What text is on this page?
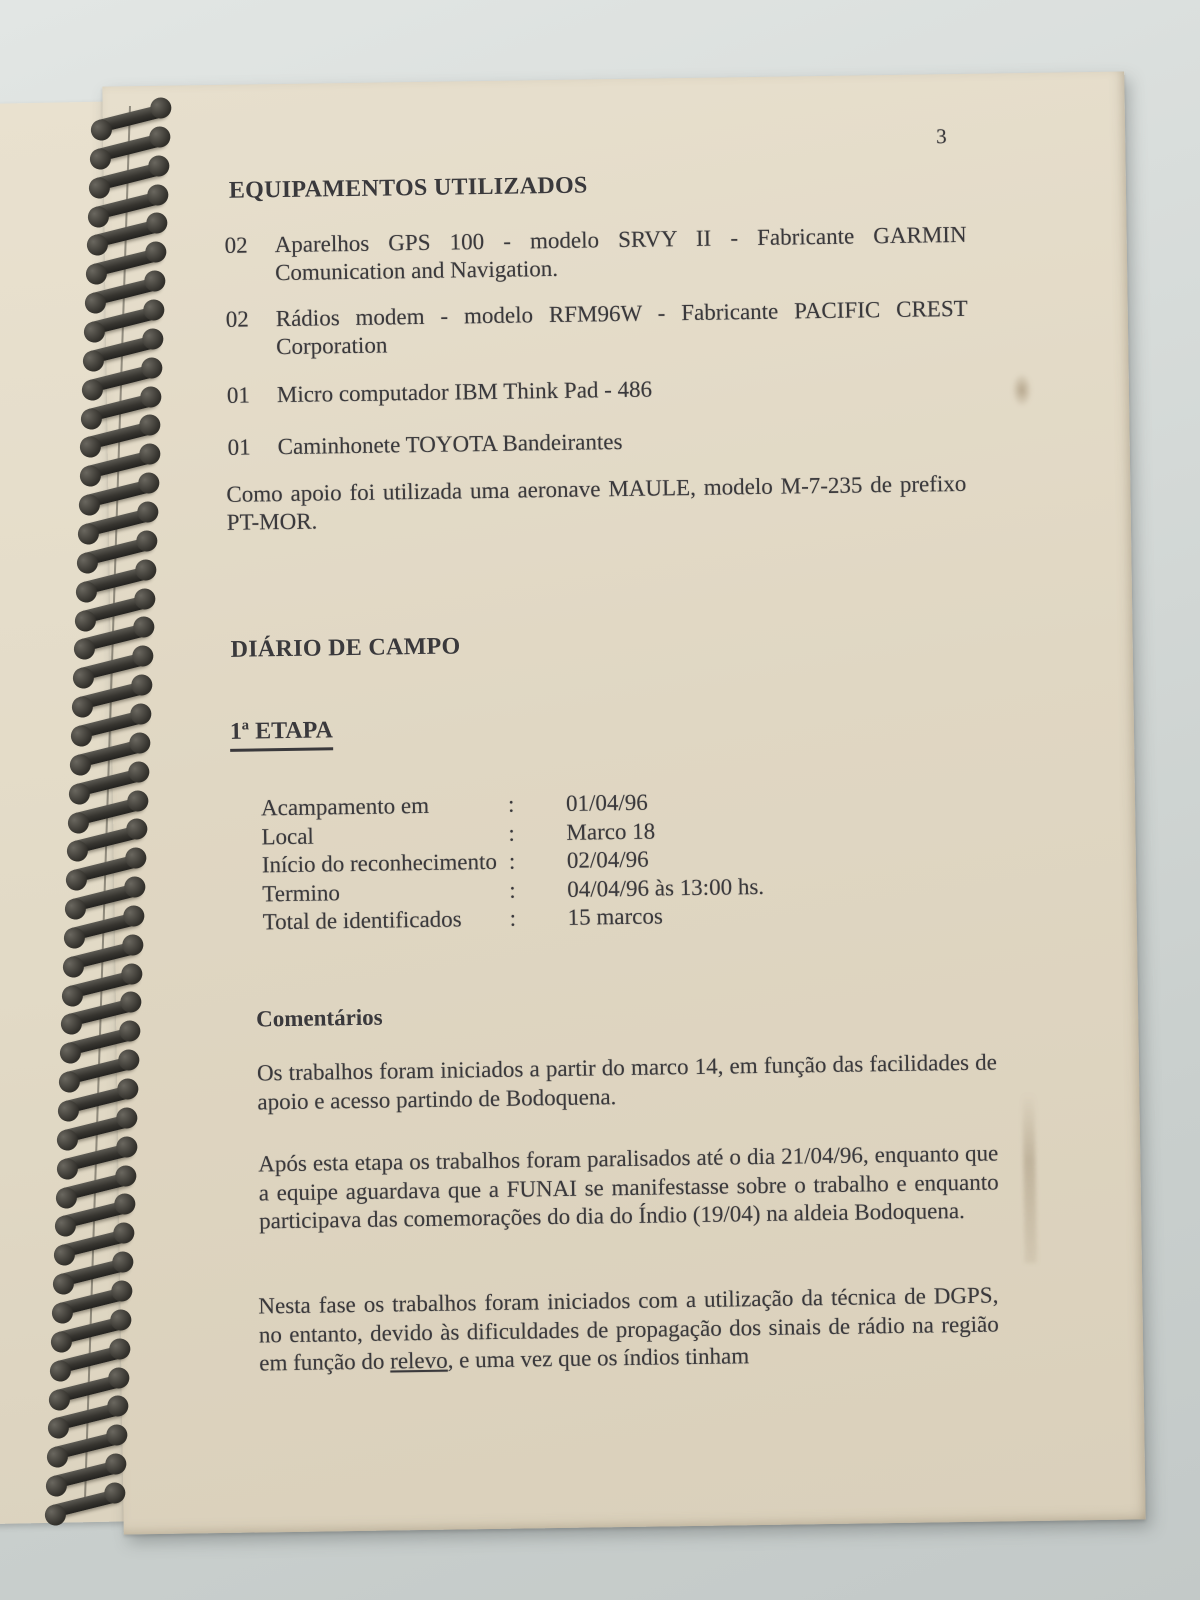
3
EQUIPAMENTOS UTILIZADOS
02	Aparelhos GPS 100 - modelo SRVY II - Fabricante GARMIN Comunication and Navigation.
02	Rádios modem - modelo RFM96W - Fabricante PACIFIC CREST Corporation
01	Micro computador IBM Think Pad - 486
01	Caminhonete TOYOTA Bandeirantes

Como apoio foi utilizada uma aeronave MAULE, modelo M-7-235 de prefixo PT-MOR.

DIÁRIO DE CAMPO
1ª ETAPA
Acampamento em	:	01/04/96
Local	:	Marco 18
Início do reconhecimento :	02/04/96
Termino	:	04/04/96 às 13:00 hs.
Total de identificados	:	15 marcos
Comentários

Os trabalhos foram iniciados a partir do marco 14, em função das facilidades de apoio e acesso partindo de Bodoquena.

Após esta etapa os trabalhos foram paralisados até o dia 21/04/96, enquanto que a equipe aguardava que a FUNAI se manifestasse sobre o trabalho e enquanto participava das comemorações do dia do Índio (19/04) na aldeia Bodoquena.

Nesta fase os trabalhos foram iniciados com a utilização da técnica de DGPS, no entanto, devido às dificuldades de propagação dos sinais de rádio na região em função do relevo, e uma vez que os índios tinham
